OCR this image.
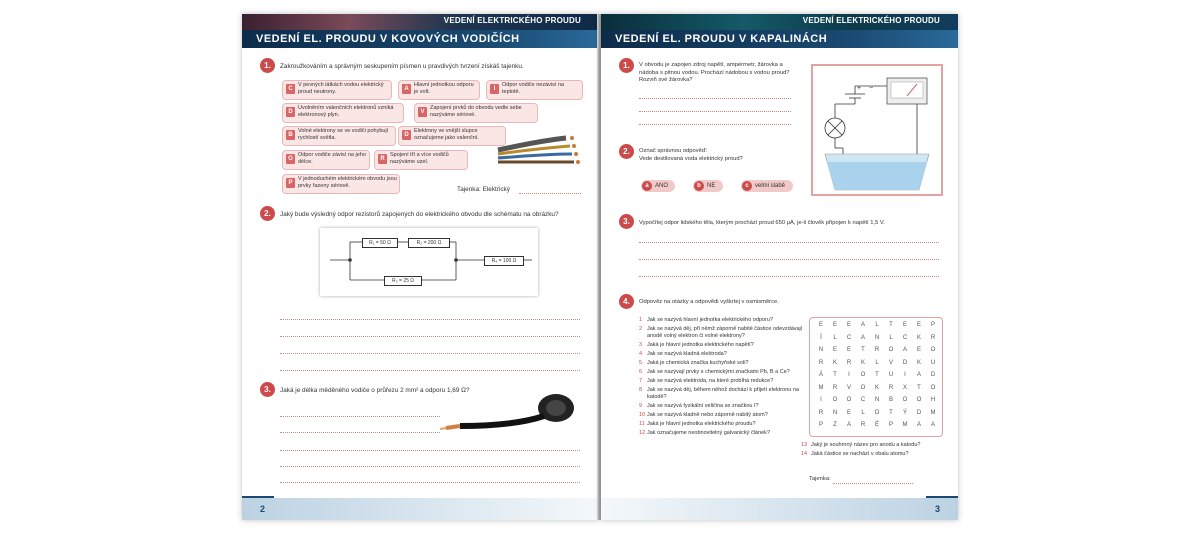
VEDENÍ ELEKTRICKÉHO PROUDU
VEDENÍ EL. PROUDU V KOVOVÝCH VODIČÍCH
1.	Zakroužkováním a správným seskupením písmen u pravdivých tvrzení získáš tajenku.
C
V pevných látkách vodou elektrický proud neutrony.	A
Hlavní jednotkou odporu je volt.	I
Odpor vodiče nezávisí na teplotě.
D
Uvolněním valenčních elektronů vzniká elektronový plyn.	V
Zapojení prvků do obvodu vedle sebe nazýváme sériové.
B
Volné elektrony se ve vodiči pohybují rychlostí světla.	D
Elektrony ve vnější slupce označujeme jako valenční.
O
Odpor vodiče závisí na jeho délce.	R
Spojení tří a více vodičů nazýváme uzel.
P
V jednoduchém elektrickém obvodu jsou prvky řazeny sériově.	Tajenka: Elektrický
2.	Jaký bude výsledný odpor rezistorů zapojených do elektrického obvodu dle schématu na obrázku?
R₁ = 50 Ω	R₂ = 200 Ω
R₃ = 25 Ω
R₄ = 100 Ω
3.	Jaká je délka měděného vodiče o průřezu 2 mm² a odporu 1,69 Ω?
2
VEDENÍ ELEKTRICKÉHO PROUDU
VEDENÍ EL. PROUDU V KAPALINÁCH
1.	V obvodu je zapojen zdroj napětí, ampérmetr, žárovka a nádoba s pitnou vodou. Prochází nádobou s vodou proud? Rozviň své žárovka?
+ −
2.	Označ správnou odpověď:
Vede destilovaná voda elektrický proud?
a ANO	b NE	c velmi slabě
3.	Vypočítej odpor lidského těla, kterým prochází proud 650 μA, je-li člověk připojen k napětí 1,5 V.
4.	Odpověz na otázky a odpovědi vyškrtej v osmisměrce.
1 Jak se nazývá hlavní jednotka elektrického odporu?
2 Jak se nazývá děj, při němž záporně nabité částice odevzdávají anodě volný elektron či volné elektrony?
3 Jaká je hlavní jednotka elektrického napětí?
4 Jak se nazývá kladná elektroda?
5 Jaká je chemická značka kuchyňské soli?
6 Jak se nazývají prvky s chemickými značkami Pb, B a Ce?
7 Jak se nazývá elektroda, na které probíhá redukce?
8 Jak se nazývá děj, během něhož dochází k přijetí elektronu na katodě?
9 Jak se nazývá fyzikální veličina se značkou I?
10 Jak se nazývá kladně nebo záporně nabitý atom?
11 Jaká je hlavní jednotka elektrického proudu?
12 Jak označujeme neobnovitelný galvanický článek?
E	E	E	A	L	T	E	E	P
Í	L	C	A	N	L	C	K	R
N	E	E	T	R	O	A	E	O
R	K	R	K	L	V	D	K	U
Á	T	I	O	T	U	I	A	D
M	R	V	O	K	R	X	T	O
I	O	O	C	N	B	O	O	H
R	N	E	L	O	T	Ý	D	M
P	Z	A	R	É	P	M	A	A
13 Jaký je souhrnný název pro anodu a katodu?
14 Jaká částice se nachází v obalu atomu?
Tajenka:
3
